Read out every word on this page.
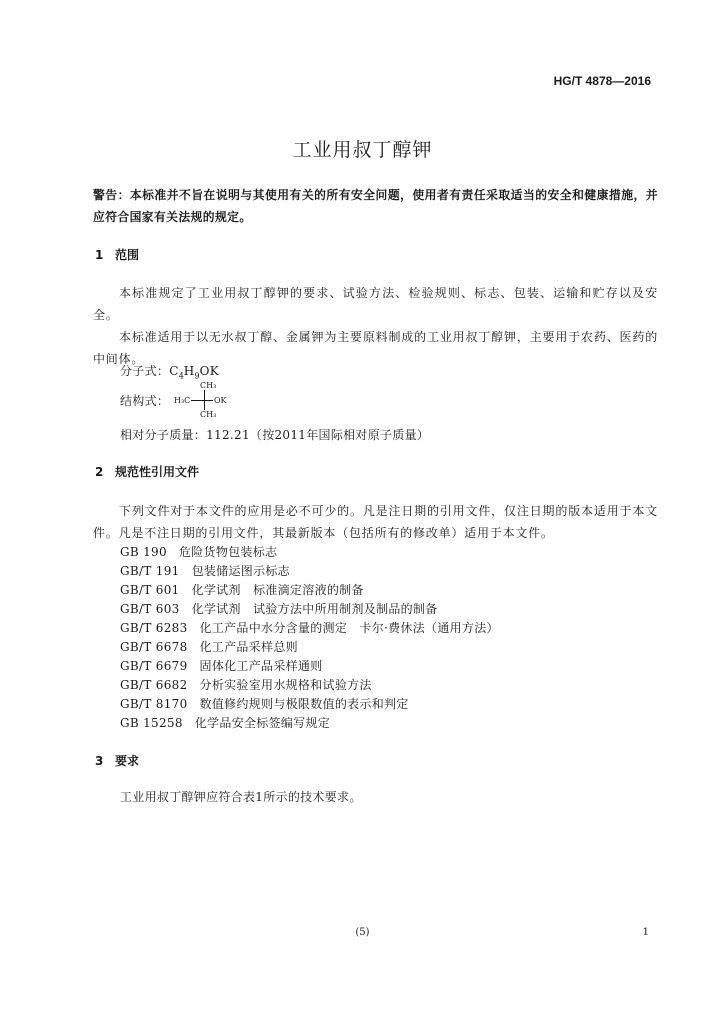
HG/T 4878—2016
工业用叔丁醇钾
警告：本标准并不旨在说明与其使用有关的所有安全问题，使用者有责任采取适当的安全和健康措施，并应符合国家有关法规的规定。
1 范围
本标准规定了工业用叔丁醇钾的要求、试验方法、检验规则、标志、包装、运输和贮存以及安全。
本标准适用于以无水叔丁醇、金属钾为主要原料制成的工业用叔丁醇钾，主要用于农药、医药的中间体。
分子式：$C_4H_9OK$
结构式：
CH₃
H₃C	OK
CH₃
相对分子质量：112.21（按2011年国际相对原子质量）
2 规范性引用文件
下列文件对于本文件的应用是必不可少的。凡是注日期的引用文件，仅注日期的版本适用于本文件。凡是不注日期的引用文件，其最新版本（包括所有的修改单）适用于本文件。
GB 190 危险货物包装标志
GB/T 191 包装储运图示标志
GB/T 601 化学试剂　标准滴定溶液的制备
GB/T 603 化学试剂　试验方法中所用制剂及制品的制备
GB/T 6283 化工产品中水分含量的测定　卡尔·费休法（通用方法）
GB/T 6678 化工产品采样总则
GB/T 6679 固体化工产品采样通则
GB/T 6682 分析实验室用水规格和试验方法
GB/T 8170 数值修约规则与极限数值的表示和判定
GB 15258 化学品安全标签编写规定
3 要求
工业用叔丁醇钾应符合表1所示的技术要求。
(5)	1
